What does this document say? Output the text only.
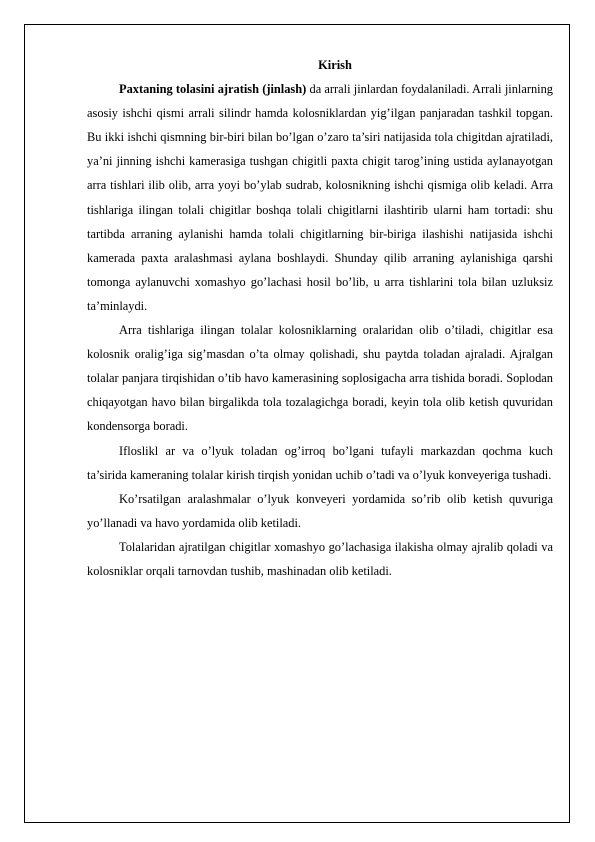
Kirish

Paxtaning tolasini ajratish (jinlash) da arrali jinlardan foydalaniladi. Arrali jinlarning asosiy ishchi qismi arrali silindr hamda kolosniklardan yig’ilgan panjaradan tashkil topgan. Bu ikki ishchi qismning bir-biri bilan bo’lgan o’zaro ta’siri natijasida tola chigitdan ajratiladi, ya’ni jinning ishchi kamerasiga tushgan chigitli paxta chigit tarog’ining ustida aylanayotgan arra tishlari ilib olib, arra yoyi bo’ylab sudrab, kolosnikning ishchi qismiga olib keladi. Arra tishlariga ilingan tolali chigitlar boshqa tolali chigitlarni ilashtirib ularni ham tortadi: shu tartibda arraning aylanishi hamda tolali chigitlarning bir-biriga ilashishi natijasida ishchi kamerada paxta aralashmasi aylana boshlaydi. Shunday qilib arraning aylanishiga qarshi tomonga aylanuvchi xomashyo go’lachasi hosil bo’lib, u arra tishlarini tola bilan uzluksiz ta’minlaydi.

Arra tishlariga ilingan tolalar kolosniklarning oralaridan olib o’tiladi, chigitlar esa kolosnik oralig’iga sig’masdan o’ta olmay qolishadi, shu paytda toladan ajraladi. Ajralgan tolalar panjara tirqishidan o’tib havo kamerasining soplosigacha arra tishida boradi. Soplodan chiqayotgan havo bilan birgalikda tola tozalagichga boradi, keyin tola olib ketish quvuridan kondensorga boradi.

Ifloslikl ar va o’lyuk toladan og’irroq bo’lgani tufayli markazdan qochma kuch ta’sirida kameraning tolalar kirish tirqish yonidan uchib o’tadi va o’lyuk konveyeriga tushadi.

Ko’rsatilgan aralashmalar o’lyuk konveyeri yordamida so’rib olib ketish quvuriga yo’llanadi va havo yordamida olib ketiladi.

Tolalaridan ajratilgan chigitlar xomashyo go’lachasiga ilakisha olmay ajralib qoladi va kolosniklar orqali tarnovdan tushib, mashinadan olib ketiladi.
